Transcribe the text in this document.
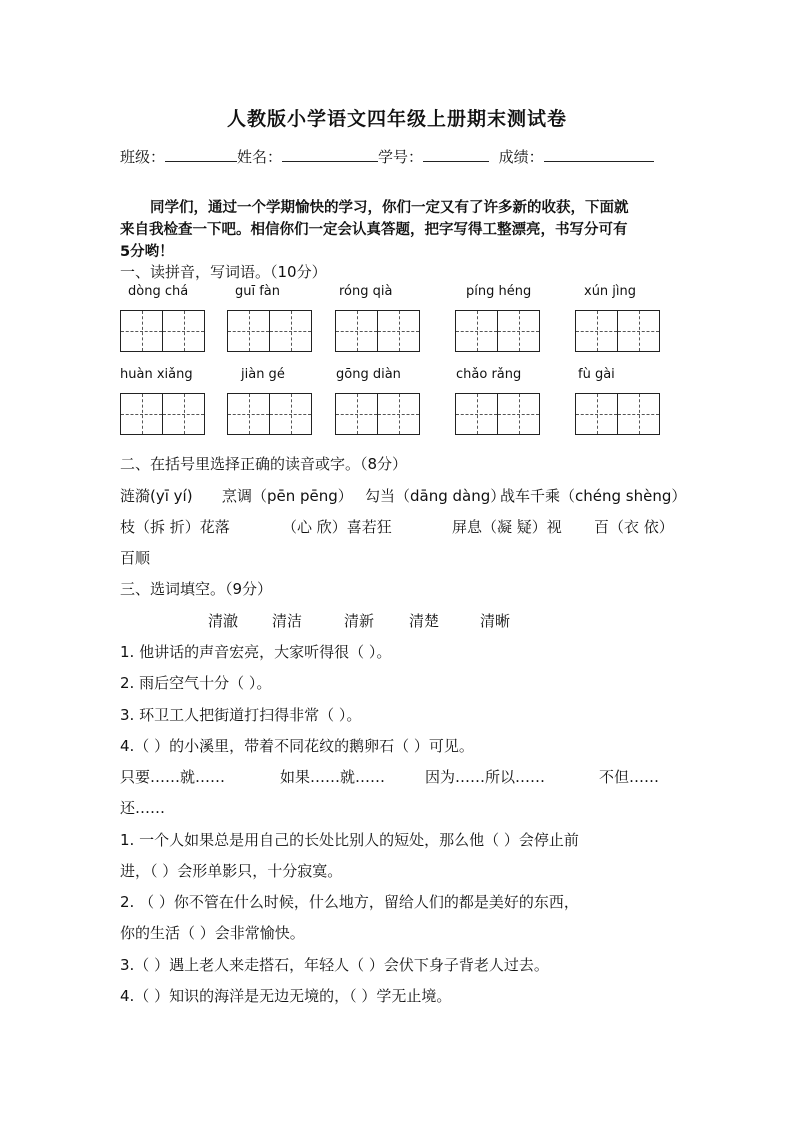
人教版小学语文四年级上册期末测试卷
班级：	姓名：	学号：	成绩：
同学们，通过一个学期愉快的学习，你们一定又有了许多新的收获，下面就
来自我检查一下吧。相信你们一定会认真答题，把字写得工整漂亮，书写分可有
5分哟！
一、读拼音，写词语。（10分）
dòng chá	guī fàn	róng qià	píng héng	xún jìng
huàn xiǎng	jiàn gé	gōng diàn	chǎo rǎng	fù gài
二、在括号里选择正确的读音或字。（8分）
涟漪(yī yí) 烹调（pēn pēng） 勾当（dāng dàng）
战车千乘（chéng shèng）
枝（拆 折）花落	（心 欣）喜若狂	屏息（凝 疑）视 百（衣 依）
百顺
三、选词填空。（9分）
清澈 清洁	清新 清楚	清晰
1. 他讲话的声音宏亮，大家听得很（ ）。
2. 雨后空气十分（ ）。
3. 环卫工人把街道打扫得非常（ ）。
4.（ ）的小溪里，带着不同花纹的鹅卵石（ ）可见。
只要……就……	如果……就……	因为……所以……	不但……
还……
1. 一个人如果总是用自己的长处比别人的短处，那么他（ ）会停止前
进，（ ）会形单影只，十分寂寞。
2. （ ）你不管在什么时候，什么地方，留给人们的都是美好的东西，
你的生活（ ）会非常愉快。
3.（ ）遇上老人来走搭石，年轻人（ ）会伏下身子背老人过去。
4.（ ）知识的海洋是无边无境的，（ ）学无止境。
